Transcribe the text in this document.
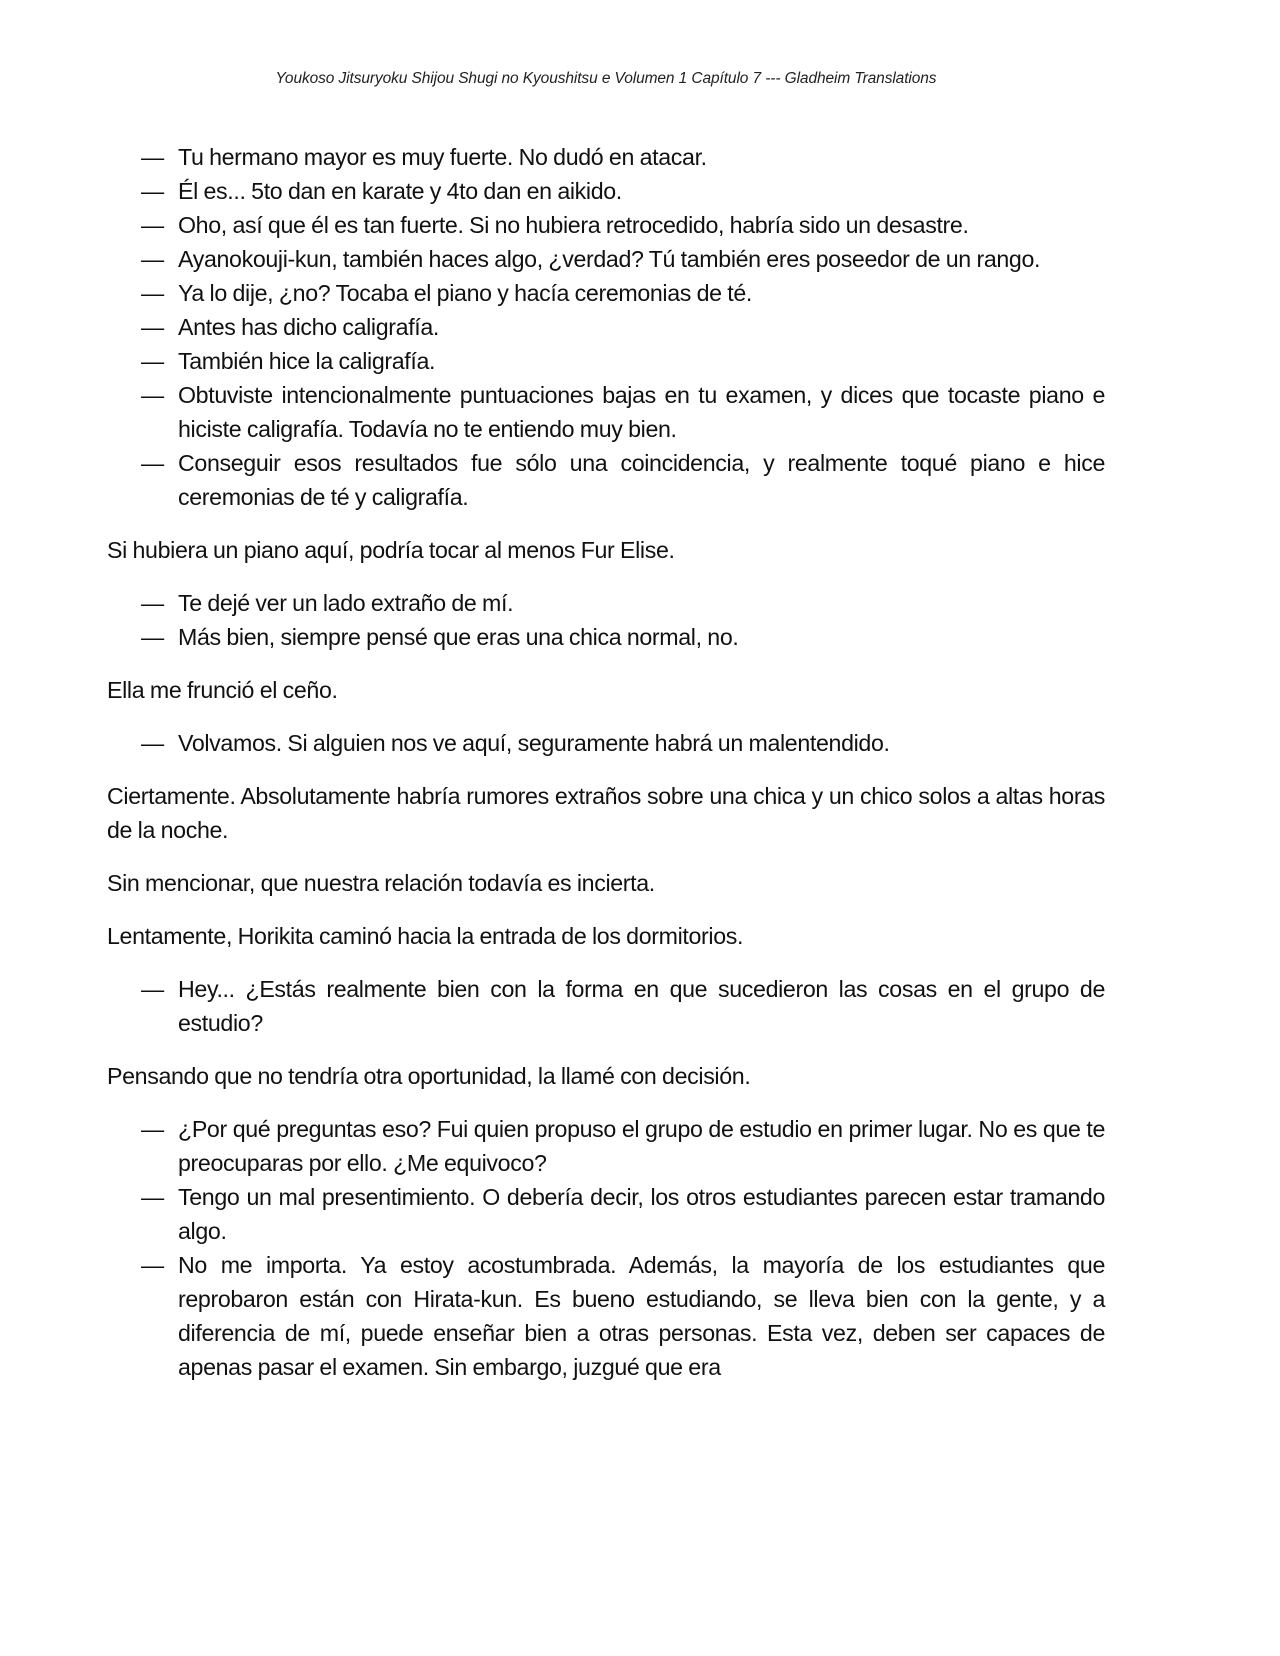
Youkoso Jitsuryoku Shijou Shugi no Kyoushitsu e Volumen 1 Capítulo 7 --- Gladheim Translations
— Tu hermano mayor es muy fuerte. No dudó en atacar.
— Él es... 5to dan en karate y 4to dan en aikido.
— Oho, así que él es tan fuerte. Si no hubiera retrocedido, habría sido un desastre.
— Ayanokouji-kun, también haces algo, ¿verdad? Tú también eres poseedor de un rango.
— Ya lo dije, ¿no? Tocaba el piano y hacía ceremonias de té.
— Antes has dicho caligrafía.
— También hice la caligrafía.
— Obtuviste intencionalmente puntuaciones bajas en tu examen, y dices que tocaste piano e hiciste caligrafía. Todavía no te entiendo muy bien.
— Conseguir esos resultados fue sólo una coincidencia, y realmente toqué piano e hice ceremonias de té y caligrafía.

Si hubiera un piano aquí, podría tocar al menos Fur Elise.

— Te dejé ver un lado extraño de mí.
— Más bien, siempre pensé que eras una chica normal, no.

Ella me frunció el ceño.

— Volvamos. Si alguien nos ve aquí, seguramente habrá un malentendido.

Ciertamente. Absolutamente habría rumores extraños sobre una chica y un chico solos a altas horas de la noche.

Sin mencionar, que nuestra relación todavía es incierta.

Lentamente, Horikita caminó hacia la entrada de los dormitorios.

— Hey... ¿Estás realmente bien con la forma en que sucedieron las cosas en el grupo de estudio?

Pensando que no tendría otra oportunidad, la llamé con decisión.

— ¿Por qué preguntas eso? Fui quien propuso el grupo de estudio en primer lugar. No es que te preocuparas por ello. ¿Me equivoco?
— Tengo un mal presentimiento. O debería decir, los otros estudiantes parecen estar tramando algo.
— No me importa. Ya estoy acostumbrada. Además, la mayoría de los estudiantes que reprobaron están con Hirata-kun. Es bueno estudiando, se lleva bien con la gente, y a diferencia de mí, puede enseñar bien a otras personas. Esta vez, deben ser capaces de apenas pasar el examen. Sin embargo, juzgué que era
